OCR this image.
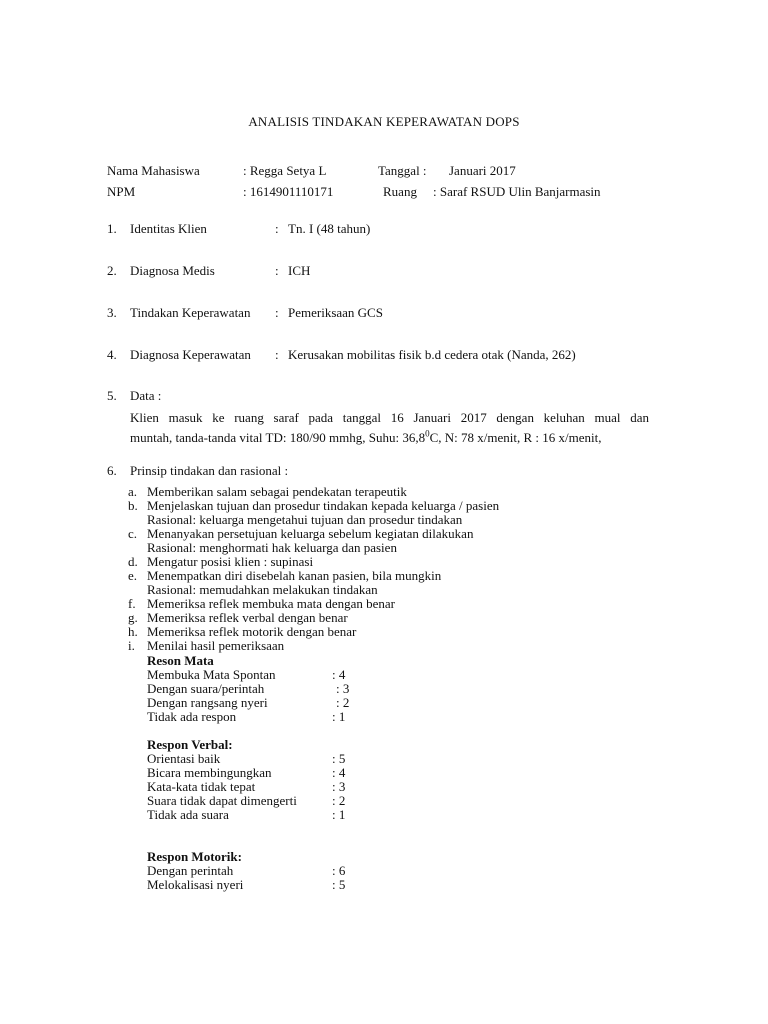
ANALISIS TINDAKAN KEPERAWATAN DOPS
Nama Mahasiswa	: Regga Setya L	Tanggal : Januari 2017
NPM	: 1614901110171	Ruang : Saraf RSUD Ulin Banjarmasin
1. Identitas Klien	: Tn. I (48 tahun)
2. Diagnosa Medis	: ICH
3. Tindakan Keperawatan : Pemeriksaan GCS
4. Diagnosa Keperawatan : Kerusakan mobilitas fisik b.d cedera otak (Nanda, 262)
5. Data :
Klien masuk ke ruang saraf pada tanggal 16 Januari 2017 dengan keluhan mual dan
muntah, tanda-tanda vital TD: 180/90 mmhg, Suhu: 36,8$^0$C, N: 78 x/menit, R : 16 x/menit,
6. Prinsip tindakan dan rasional :
a. Memberikan salam sebagai pendekatan terapeutik
b. Menjelaskan tujuan dan prosedur tindakan kepada keluarga / pasien
Rasional: keluarga mengetahui tujuan dan prosedur tindakan
c. Menanyakan persetujuan keluarga sebelum kegiatan dilakukan
Rasional: menghormati hak keluarga dan pasien
d. Mengatur posisi klien : supinasi
e. Menempatkan diri disebelah kanan pasien, bila mungkin
Rasional: memudahkan melakukan tindakan
f. Memeriksa reflek membuka mata dengan benar
g. Memeriksa reflek verbal dengan benar
h. Memeriksa reflek motorik dengan benar
i. Menilai hasil pemeriksaan
Reson Mata
Membuka Mata Spontan	: 4
Dengan suara/perintah	: 3
Dengan rangsang nyeri	: 2
Tidak ada respon	: 1
Respon Verbal:
Orientasi baik	: 5
Bicara membingungkan	: 4
Kata-kata tidak tepat	: 3
Suara tidak dapat dimengerti	: 2
Tidak ada suara	: 1
Respon Motorik:
Dengan perintah	: 6
Melokalisasi nyeri	: 5
